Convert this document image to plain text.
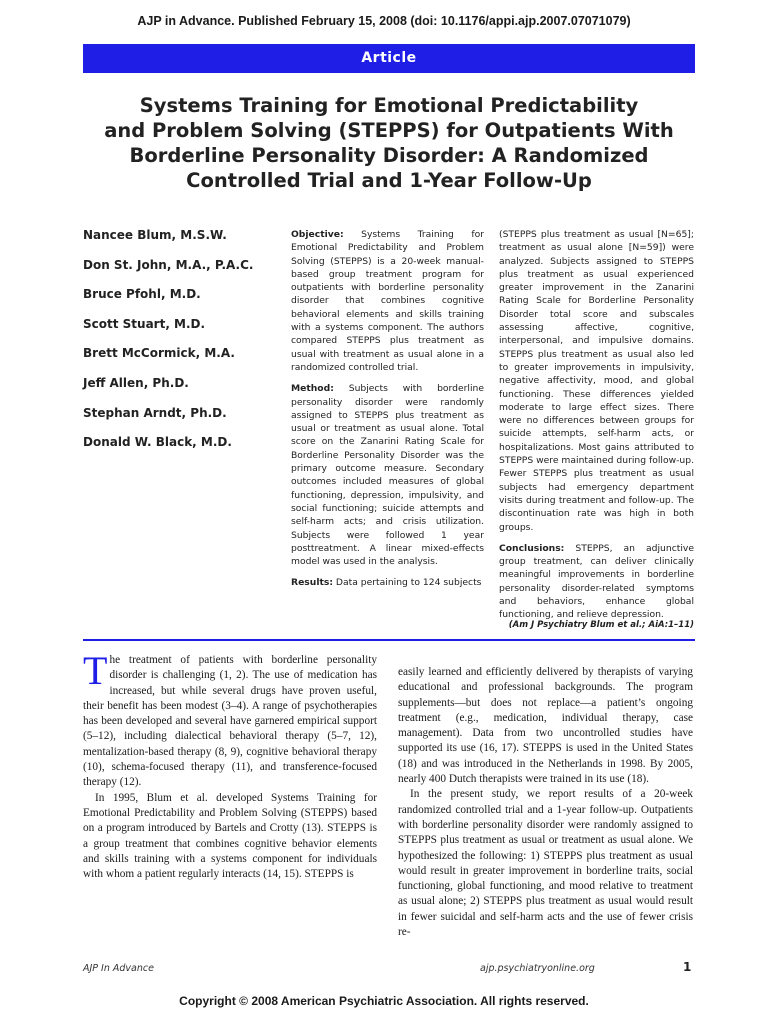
AJP in Advance. Published February 15, 2008 (doi: 10.1176/appi.ajp.2007.07071079)
Article
Systems Training for Emotional Predictability
and Problem Solving (STEPPS) for Outpatients With
Borderline Personality Disorder: A Randomized
Controlled Trial and 1-Year Follow-Up
Nancee Blum, M.S.W.
Don St. John, M.A., P.A.C.
Bruce Pfohl, M.D.
Scott Stuart, M.D.
Brett McCormick, M.A.
Jeff Allen, Ph.D.
Stephan Arndt, Ph.D.
Donald W. Black, M.D.

Objective: Systems Training for Emotional Predictability and Problem Solving (STEPPS) is a 20-week manual-based group treatment program for outpatients with borderline personality disorder that combines cognitive behavioral elements and skills training with a systems component. The authors compared STEPPS plus treatment as usual with treatment as usual alone in a randomized controlled trial.

Method: Subjects with borderline personality disorder were randomly assigned to STEPPS plus treatment as usual or treatment as usual alone. Total score on the Zanarini Rating Scale for Borderline Personality Disorder was the primary outcome measure. Secondary outcomes included measures of global functioning, depression, impulsivity, and social functioning; suicide attempts and self-harm acts; and crisis utilization. Subjects were followed 1 year posttreatment. A linear mixed-effects model was used in the analysis.

Results: Data pertaining to 124 subjects

(STEPPS plus treatment as usual [N=65]; treatment as usual alone [N=59]) were analyzed. Subjects assigned to STEPPS plus treatment as usual experienced greater improvement in the Zanarini Rating Scale for Borderline Personality Disorder total score and subscales assessing affective, cognitive, interpersonal, and impulsive domains. STEPPS plus treatment as usual also led to greater improvements in impulsivity, negative affectivity, mood, and global functioning. These differences yielded moderate to large effect sizes. There were no differences between groups for suicide attempts, self-harm acts, or hospitalizations. Most gains attributed to STEPPS were maintained during follow-up. Fewer STEPPS plus treatment as usual subjects had emergency department visits during treatment and follow-up. The discontinuation rate was high in both groups.

Conclusions: STEPPS, an adjunctive group treatment, can deliver clinically meaningful improvements in borderline personality disorder-related symptoms and behaviors, enhance global functioning, and relieve depression.

(Am J Psychiatry Blum et al.; AiA:1–11)

The treatment of patients with borderline personality disorder is challenging (1, 2). The use of medication has increased, but while several drugs have proven useful, their benefit has been modest (3–4). A range of psychotherapies has been developed and several have garnered empirical support (5–12), including dialectical behavioral therapy (5–7, 12), mentalization-based therapy (8, 9), cognitive behavioral therapy (10), schema-focused therapy (11), and transference-focused therapy (12).

In 1995, Blum et al. developed Systems Training for Emotional Predictability and Problem Solving (STEPPS) based on a program introduced by Bartels and Crotty (13). STEPPS is a group treatment that combines cognitive behavior elements and skills training with a systems component for individuals with whom a patient regularly interacts (14, 15). STEPPS is

easily learned and efficiently delivered by therapists of varying educational and professional backgrounds. The program supplements—but does not replace—a patient’s ongoing treatment (e.g., medication, individual therapy, case management). Data from two uncontrolled studies have supported its use (16, 17). STEPPS is used in the United States (18) and was introduced in the Netherlands in 1998. By 2005, nearly 400 Dutch therapists were trained in its use (18).

In the present study, we report results of a 20-week randomized controlled trial and a 1-year follow-up. Outpatients with borderline personality disorder were randomly assigned to STEPPS plus treatment as usual or treatment as usual alone. We hypothesized the following: 1) STEPPS plus treatment as usual would result in greater improvement in borderline traits, social functioning, global functioning, and mood relative to treatment as usual alone; 2) STEPPS plus treatment as usual would result in fewer suicidal and self-harm acts and the use of fewer crisis re-

AJP In Advance	ajp.psychiatryonline.org	1
Copyright © 2008 American Psychiatric Association. All rights reserved.
